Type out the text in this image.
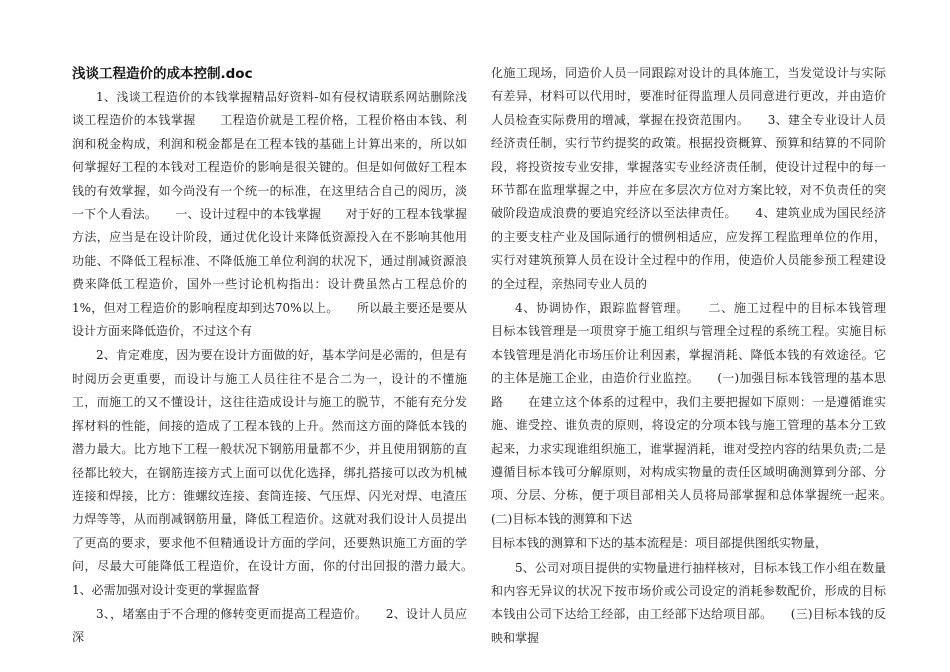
浅谈工程造价的成本控制.doc

1、浅谈工程造价的本钱掌握精品好资料-如有侵权请联系网站删除浅谈工程造价的本钱掌握　　工程造价就是工程价格，工程价格由本钱、利润和税金构成，利润和税金都是在工程本钱的基础上计算出来的，所以如何掌握好工程的本钱对工程造价的影响是很关键的。但是如何做好工程本钱的有效掌握，如今尚没有一个统一的标准，在这里结合自己的阅历，淡一下个人看法。　　一、设计过程中的本钱掌握　　对于好的工程本钱掌握方法，应当是在设计阶段，通过优化设计来降低资源投入在不影响其他用功能、不降低工程标准、不降低施工单位利润的状况下，通过削减资源浪费来降低工程造价，国外一些讨论机构指出：设计费虽然占工程总价的1%，但对工程造价的影响程度却到达70%以上。　　所以最主要还是要从设计方面来降低造价，不过这个有

2、肯定难度，因为要在设计方面做的好，基本学问是必需的，但是有时阅历会更重要，而设计与施工人员往往不是合二为一，设计的不懂施工，而施工的又不懂设计，这往往造成设计与施工的脱节，不能有充分发挥材料的性能，间接的造成了工程本钱的上升。然而这方面的降低本钱的潜力最大。比方地下工程一般状况下钢筋用量都不少，并且使用钢筋的直径都比较大，在钢筋连接方式上面可以优化选择，绑扎搭接可以改为机械连接和焊接，比方：锥螺纹连接、套筒连接、气压焊、闪光对焊、电渣压力焊等等，从而削减钢筋用量，降低工程造价。这就对我们设计人员提出了更高的要求，要求他不但精通设计方面的学问，还要熟识施工方面的学问，尽最大可能降低工程造价，在设计方面，你的付出回报的潜力最大。　　1、必需加强对设计变更的掌握监督

3、，堵塞由于不合理的修转变更而提高工程造价。　　2、设计人员应深

化施工现场，同造价人员一同跟踪对设计的具体施工，当发觉设计与实际有差异，材料可以代用时，要准时征得监理人员同意进行更改，并由造价人员检查实际费用的增减，掌握在投资范围内。　　3、建全专业设计人员经济责任制，实行节约提奖的政策。根据投资概算、预算和结算的不同阶段，将投资按专业安排，掌握落实专业经济责任制，使设计过程中的每一环节都在监理掌握之中，并应在多层次方位对方案比较，对不负责任的突破阶段造成浪费的要追究经济以至法律责任。　　4、建筑业成为国民经济的主要支柱产业及国际通行的惯例相适应，应发挥工程监理单位的作用，实行对建筑预算人员在设计全过程中的作用，使造价人员能参预工程建设的全过程，亲热同专业人员的

4、协调协作，跟踪监督管理。　　二、施工过程中的目标本钱管理　　目标本钱管理是一项贯穿于施工组织与管理全过程的系统工程。实施目标本钱管理是消化市场压价让利因素，掌握消耗、降低本钱的有效途径。它的主体是施工企业，由造价行业监控。　　(一)加强目标本钱管理的基本思路　　在建立这个体系的过程中，我们主要把握如下原则：一是遵循谁实施、谁受控、谁负责的原则，将设定的分项本钱与施工管理的基本分工致起来，力求实现谁组织施工，谁掌握消耗，谁对受控内容的结果负责;二是遵循目标本钱可分解原则，对构成实物量的责任区域明确测算到分部、分项、分层、分栋，便于项目部相关人员将局部掌握和总体掌握统一起来。　　(二)目标本钱的测算和下迖

目标本钱的测算和下达的基本流程是：项目部提供图纸实物量，

5、公司对项目提供的实物量进行抽样核对，目标本钱工作小组在数量和内容无异议的状况下按市场价或公司设定的消耗参数配价，形成的目标本钱由公司下达给工经部，由工经部下达给项目部。　　(三)目标本钱的反映和掌握
